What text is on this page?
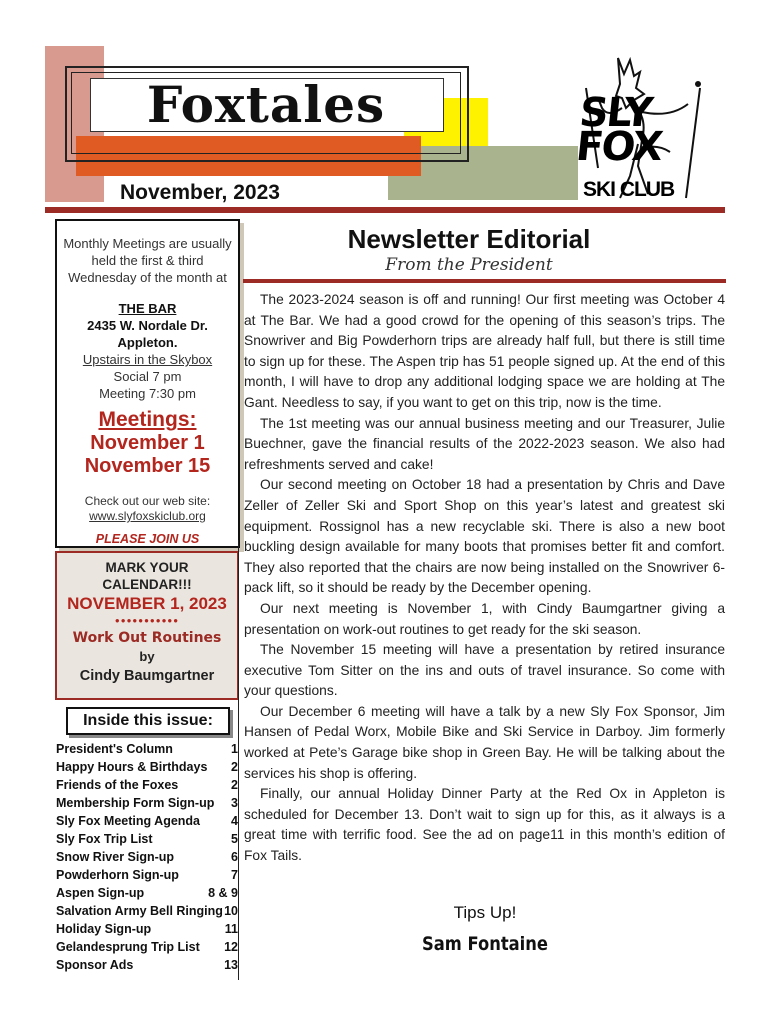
Foxtales
November, 2023
SLY
FOX
SKI CLUB
Monthly Meetings are usually held the first & third Wednesday of the month at
THE BAR
2435 W. Nordale Dr.
Appleton.
Upstairs in the Skybox
Social 7 pm
Meeting 7:30 pm
Meetings:
November 1
November 15
Check out our web site:
www.slyfoxskiclub.org
PLEASE JOIN US
MARK YOUR CALENDAR!!!
NOVEMBER 1, 2023
●●●●●●●●●●●
Work Out Routines
by
Cindy Baumgartner
Inside this issue:
President's Column	1
Happy Hours & Birthdays 2
Friends of the Foxes	2
Membership Form Sign-up 3
Sly Fox Meeting Agenda 4
Sly Fox Trip List	5
Snow River Sign-up	6
Powderhorn Sign-up	7
Aspen Sign-up	8 & 9
Salvation Army Bell Ringing 10
Holiday Sign-up	11
Gelandesprung Trip List 12
Sponsor Ads	13
Newsletter Editorial
From the President

The 2023-2024 season is off and running! Our first meeting was October 4 at The Bar. We had a good crowd for the opening of this season’s trips. The Snowriver and Big Powderhorn trips are already half full, but there is still time to sign up for these. The Aspen trip has 51 people signed up. At the end of this month, I will have to drop any additional lodging space we are holding at The Gant. Needless to say, if you want to get on this trip, now is the time.

The 1st meeting was our annual business meeting and our Treasurer, Julie Buechner, gave the financial results of the 2022-2023 season. We also had refreshments served and cake!

Our second meeting on October 18 had a presentation by Chris and Dave Zeller of Zeller Ski and Sport Shop on this year’s latest and greatest ski equipment. Rossignol has a new recyclable ski. There is also a new boot buckling design available for many boots that promises better fit and comfort. They also reported that the chairs are now being installed on the Snowriver 6-pack lift, so it should be ready by the December opening.

Our next meeting is November 1, with Cindy Baumgartner giving a presentation on work-out routines to get ready for the ski season.

The November 15 meeting will have a presentation by retired insurance executive Tom Sitter on the ins and outs of travel insurance. So come with your questions.

Our December 6 meeting will have a talk by a new Sly Fox Sponsor, Jim Hansen of Pedal Worx, Mobile Bike and Ski Service in Darboy. Jim formerly worked at Pete’s Garage bike shop in Green Bay. He will be talking about the services his shop is offering.

Finally, our annual Holiday Dinner Party at the Red Ox in Appleton is scheduled for December 13. Don’t wait to sign up for this, as it always is a great time with terrific food. See the ad on page11 in this month’s edition of Fox Tails.

Tips Up!
Sam Fontaine
